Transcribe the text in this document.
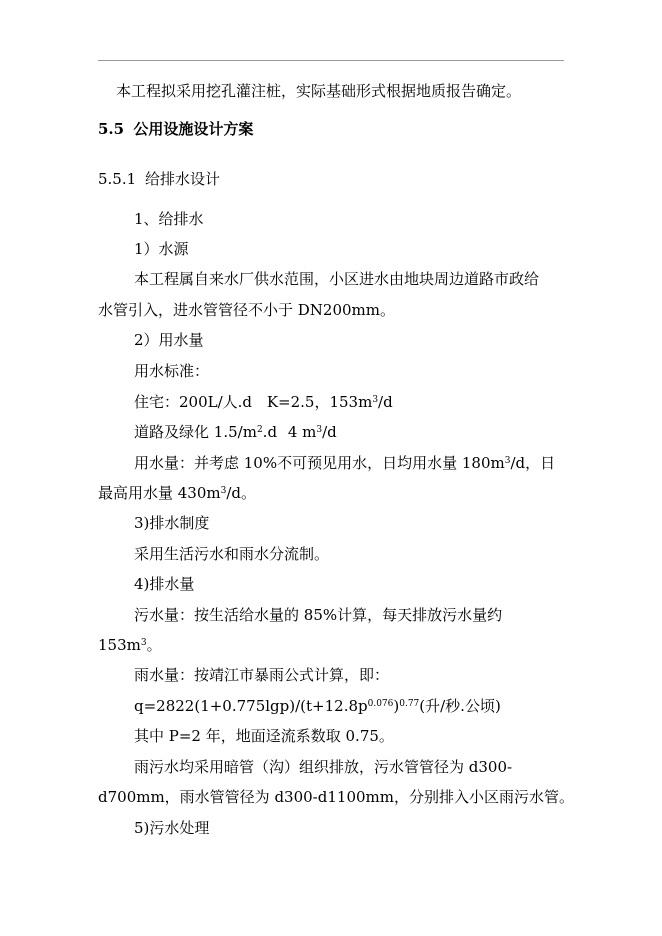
本工程拟采用挖孔灌注桩，实际基础形式根据地质报告确定。
5.5 公用设施设计方案
5.5.1 给排水设计
1、给排水
1）水源
本工程属自来水厂供水范围，小区进水由地块周边道路市政给
水管引入，进水管管径不小于 DN200mm。
2）用水量
用水标准：
住宅：200L/人.d K=2.5，$153m^3/d$
道路及绿化 $1.5/m^2.d$ 4 $m^3/d$
用水量：并考虑 10%不可预见用水，日均用水量 $180m^3/d$，日
最高用水量 $430m^3/d$。
3)排水制度
采用生活污水和雨水分流制。
4)排水量
污水量：按生活给水量的 85%计算，每天排放污水量约
$153m^3$。
雨水量：按靖江市暴雨公式计算，即：
$q=2822(1+0.775\lg p)/(t+12.8p^{0.076})^{0.77}$(升/秒.公顷)
其中 P=2 年，地面迳流系数取 0.75。
雨污水均采用暗管（沟）组织排放，污水管管径为 d300-
d700mm，雨水管管径为 d300-d1100mm，分别排入小区雨污水管。
5)污水处理
